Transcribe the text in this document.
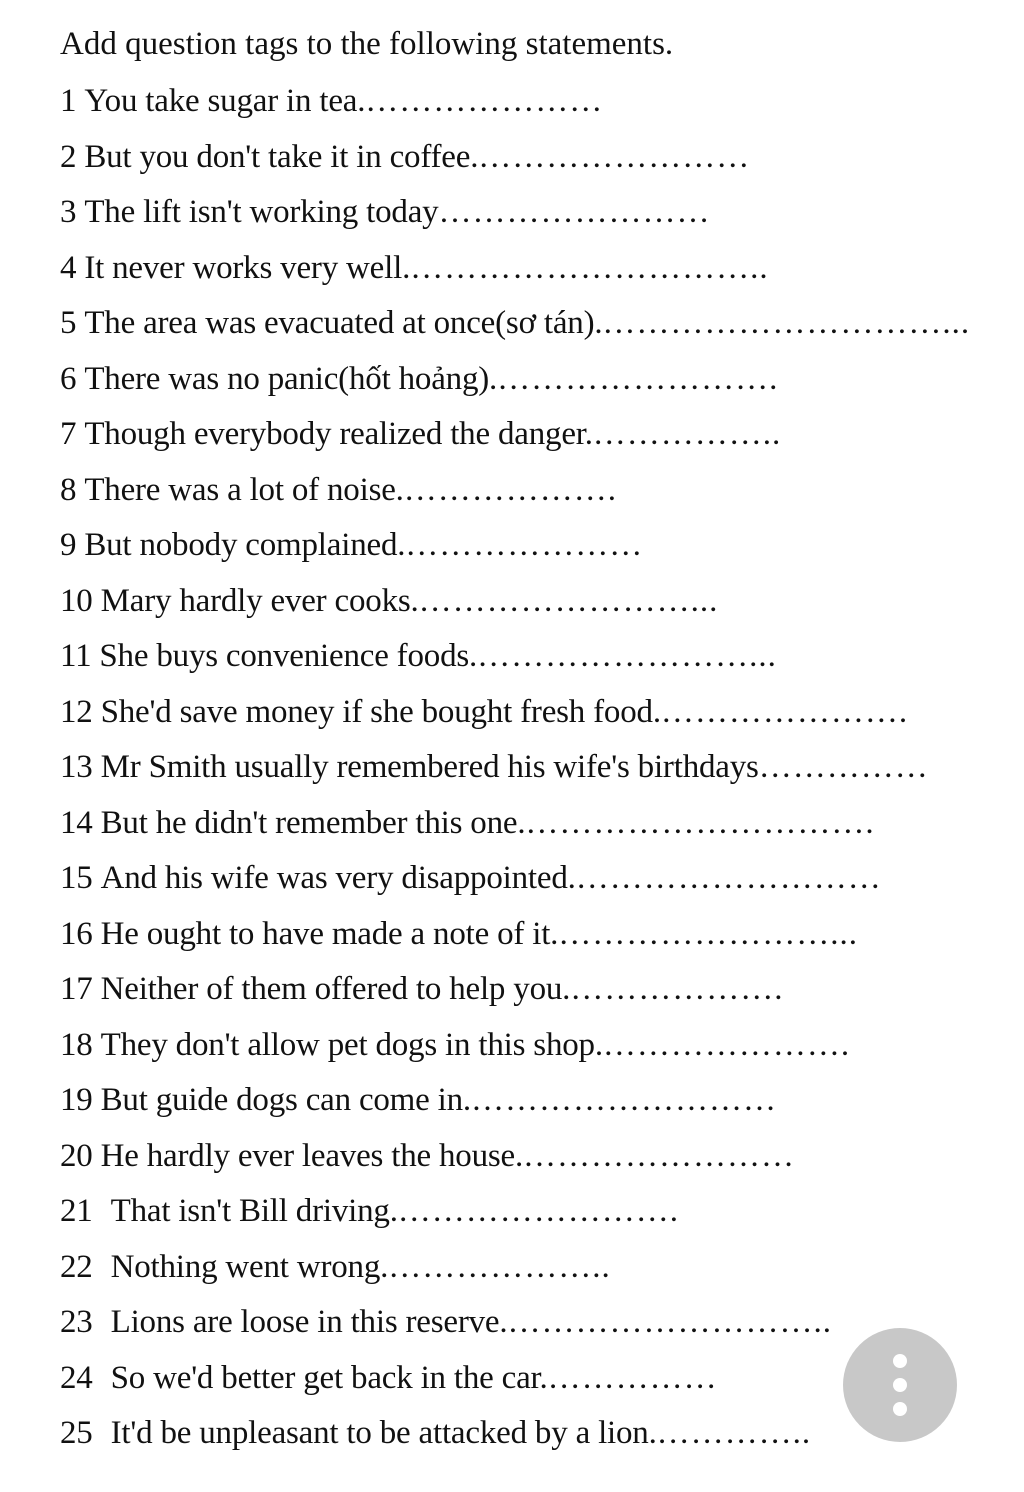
Add question tags to the following statements.
1 You take sugar in tea.…………………
2 But you don't take it in coffee.……………………
3 The lift isn't working today……………………
4 It never works very well.…………………………..
5 The area was evacuated at once(sơ tán).…………………………...
6 There was no panic(hốt hoảng).…………………….
7 Though everybody realized the danger.……………..
8 There was a lot of noise.……………….
9 But nobody complained.…………………
10 Mary hardly ever cooks.……………………...
11 She buys convenience foods.……………………...
12 She'd save money if she bought fresh food.………………….
13 Mr Smith usually remembered his wife's birthdays……………
14 But he didn't remember this one.………………………….
15 And his wife was very disappointed.………………………
16 He ought to have made a note of it.……………………...
17 Neither of them offered to help you.……………….
18 They don't allow pet dogs in this shop.………………….
19 But guide dogs can come in.………………………
20 He hardly ever leaves the house.……………………
21 That isn't Bill driving.…………………….
22 Nothing went wrong.………………..
23 Lions are loose in this reserve.………………………..
24 So we'd better get back in the car.……………
25 It'd be unpleasant to be attacked by a lion.…………..
